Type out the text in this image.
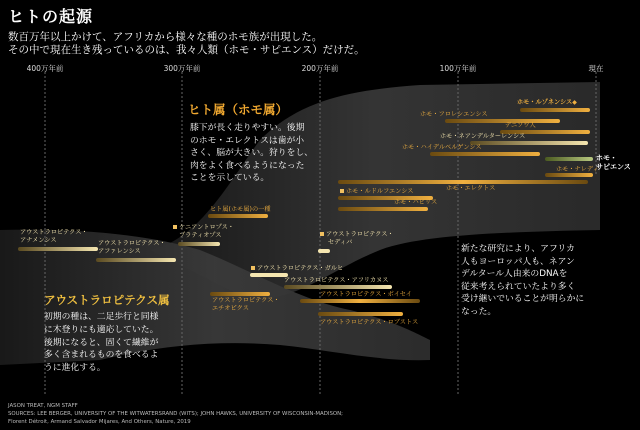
ヒトの起源
数百万年以上かけて、アフリカから様々な種のホモ族が出現した。
その中で現在生き残っているのは、我々人類（ホモ・サピエンス）だけだ。
400万年前	300万年前	200万年前	100万年前	現在
ヒト属（ホモ属）
膝下が長く走りやすい。後期
のホモ・エレクトスは歯が小
さく、脳が大きい。狩りをし、
肉をよく食べるようになった
ことを示している。
アウストラロピテクス属
初期の種は、二足歩行と同様
に木登りにも適応していた。
後期になると、固くて繊維が
多く含まれるものを食べるよ
うに進化する。
新たな研究により、アフリカ
人もヨーロッパ人も、ネアン
デルタール人由来のDNAを
従来考えられていたより多く
受け継いでいることが明らかに
なった。
ホモ・ルゾネンシス◆
ホモ・フロレシエンシス
デニソワ人
ホモ・ネアンデルターレンシス
ホモ・ハイデルベルゲンシス
ホモ・
サピエンス
ホモ・ナレディ
ホモ・エレクトス
ホモ・ルドルフエンシス
ホモ・ハビリス
ヒト属(ホモ属)の一種
ケニアントロプス・
プラティオプス
アウストラロピテクス・
アナメンシス	アウストラロピテクス・
アファレンシス
アウストラロピテクス・
セディバ
アウストラロピテクス・ガルヒ
アウストラロピテクス・アフリカヌス
アウストラロピテクス・
エチオピクス
アウストラロピテクス・ボイセイ
アウストラロピテクス・ロブストス
JASON TREAT, NGM STAFF
SOURCES: LEE BERGER, UNIVERSITY OF THE WITWATERSRAND (WITS); JOHN HAWKS, UNIVERSITY OF WISCONSIN-MADISON;
Florent Détroit, Armand Salvador Mijares, And Others, Nature, 2019
